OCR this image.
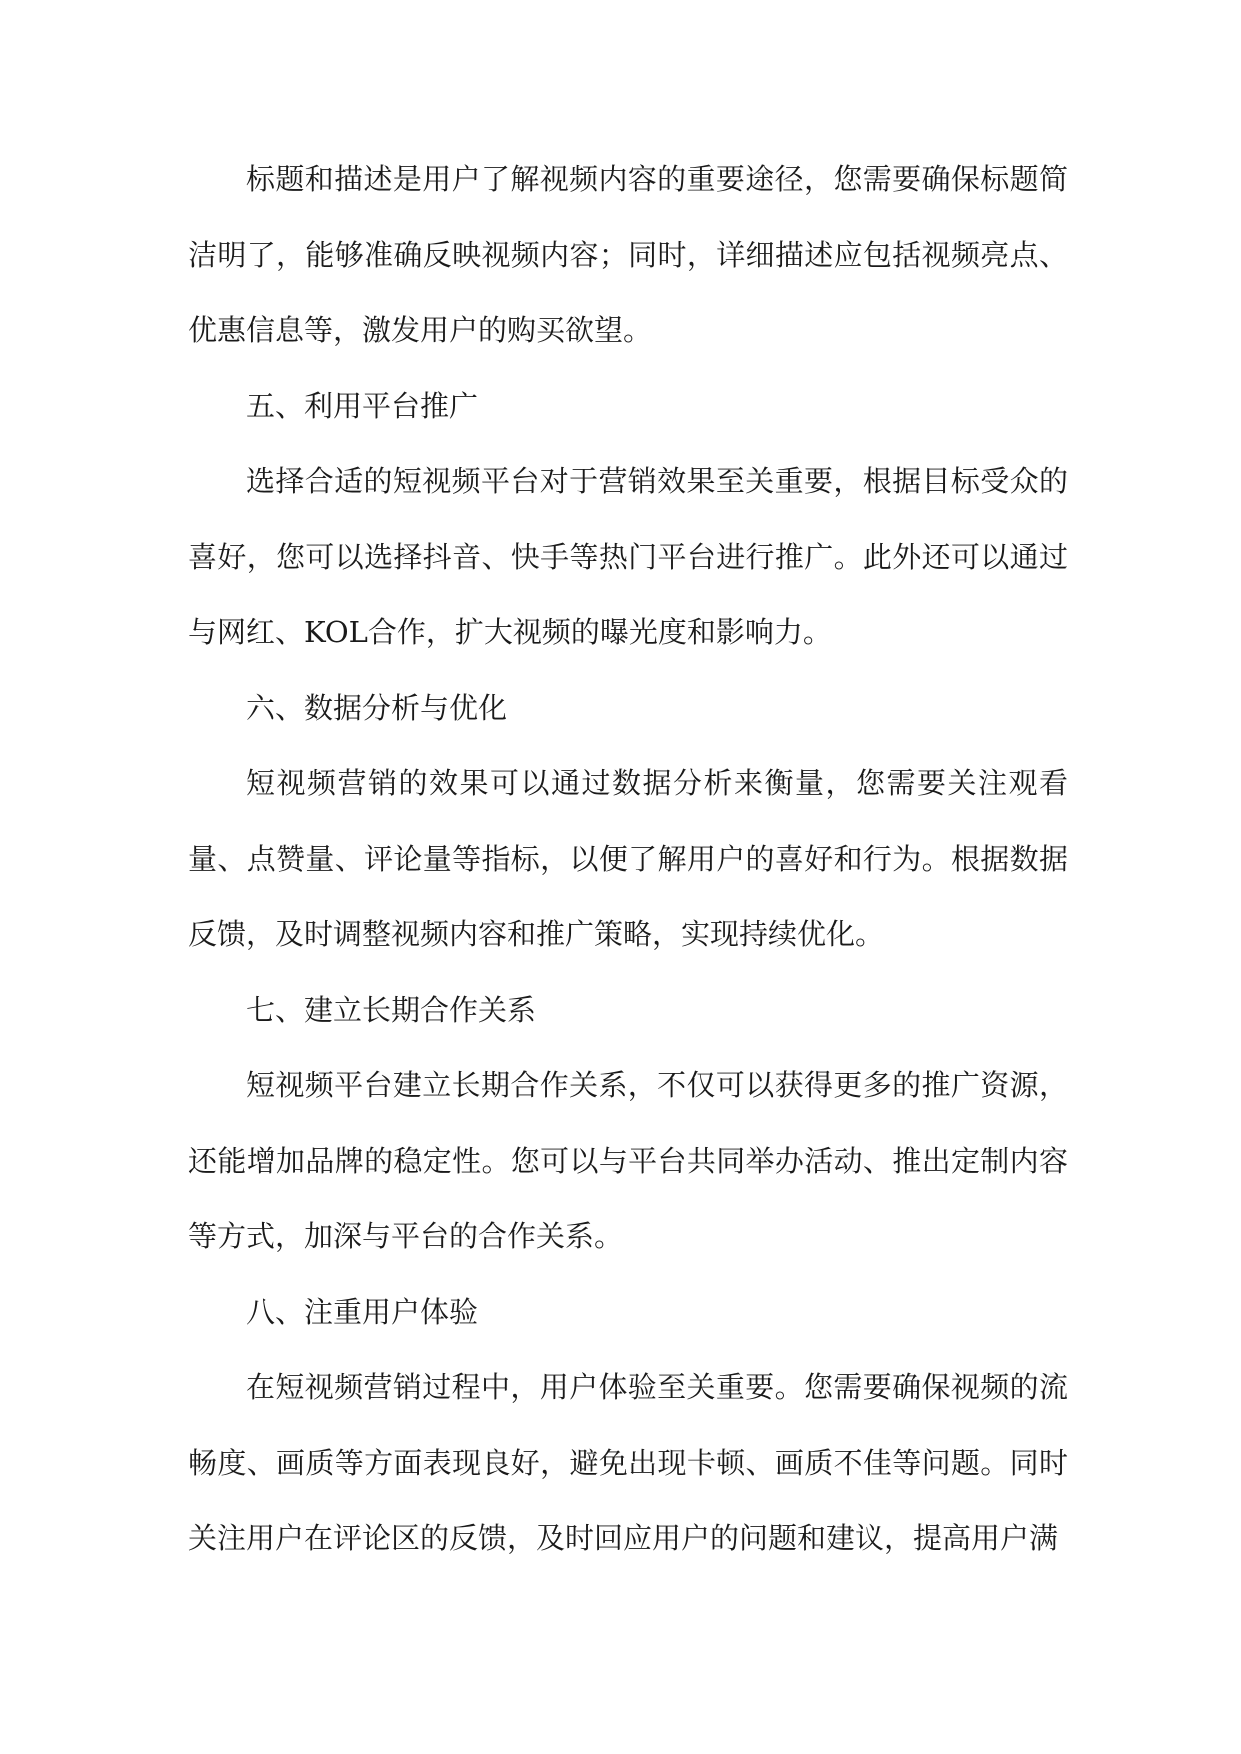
标题和描述是用户了解视频内容的重要途径，您需要确保标题简洁明了，能够准确反映视频内容；同时，详细描述应包括视频亮点、优惠信息等，激发用户的购买欲望。

五、利用平台推广

选择合适的短视频平台对于营销效果至关重要，根据目标受众的喜好，您可以选择抖音、快手等热门平台进行推广。此外还可以通过与网红、KOL合作，扩大视频的曝光度和影响力。

六、数据分析与优化

短视频营销的效果可以通过数据分析来衡量，您需要关注观看量、点赞量、评论量等指标，以便了解用户的喜好和行为。根据数据反馈，及时调整视频内容和推广策略，实现持续优化。

七、建立长期合作关系

短视频平台建立长期合作关系，不仅可以获得更多的推广资源，还能增加品牌的稳定性。您可以与平台共同举办活动、推出定制内容等方式，加深与平台的合作关系。

八、注重用户体验

在短视频营销过程中，用户体验至关重要。您需要确保视频的流畅度、画质等方面表现良好，避免出现卡顿、画质不佳等问题。同时关注用户在评论区的反馈，及时回应用户的问题和建议，提高用户满
